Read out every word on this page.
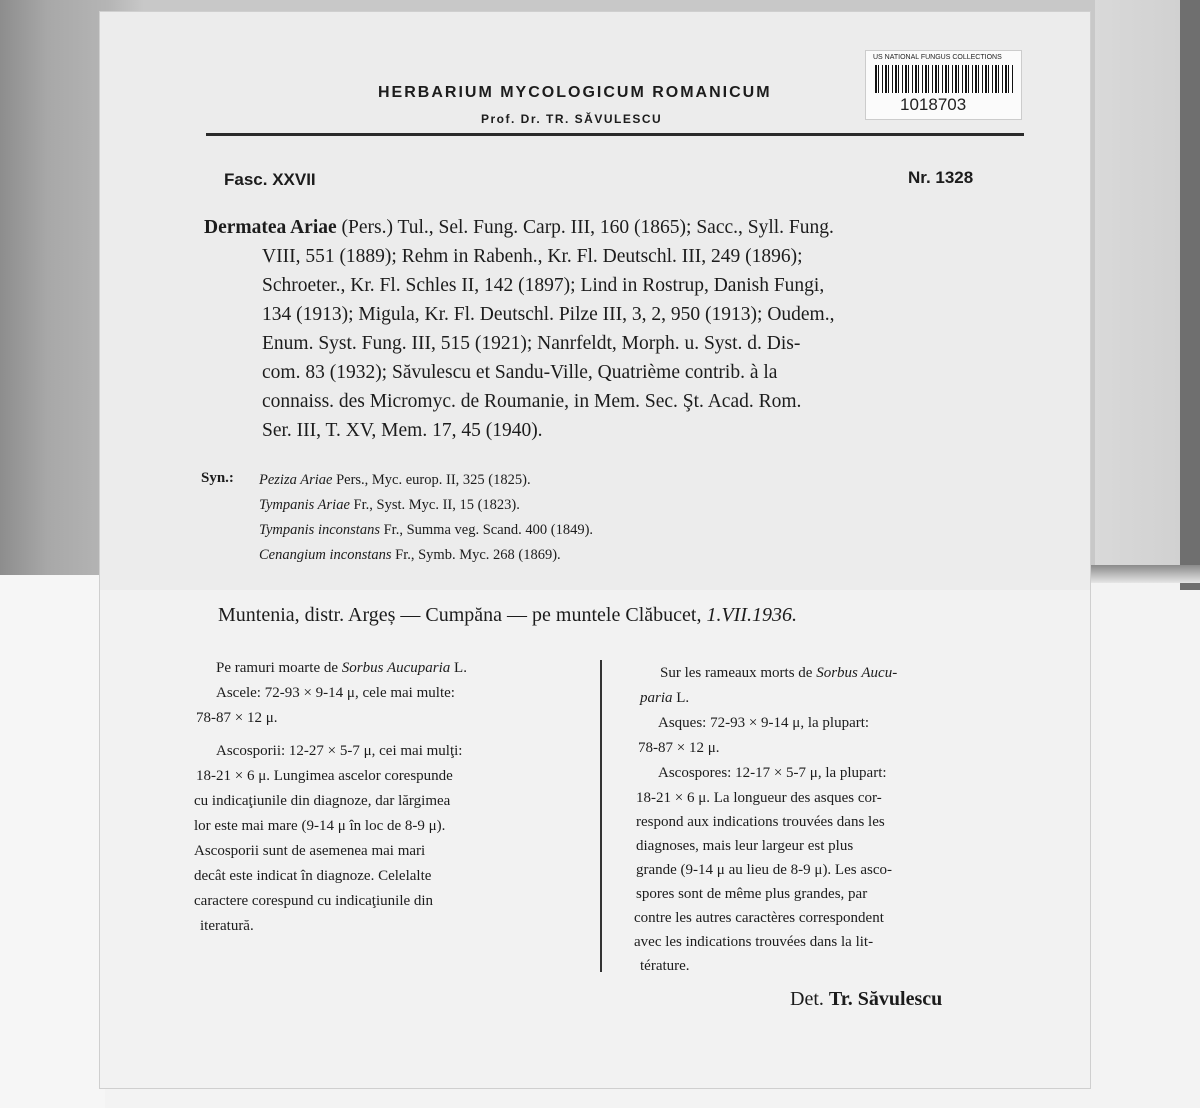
HERBARIUM MYCOLOGICUM ROMANICUM
Prof. Dr. TR. SĂVULESCU
US NATIONAL FUNGUS COLLECTIONS
1018703
Fasc. XXVII	Nr. 1328
Dermatea Ariae (Pers.) Tul., Sel. Fung. Carp. III, 160 (1865); Sacc., Syll. Fung.
VIII, 551 (1889); Rehm in Rabenh., Kr. Fl. Deutschl. III, 249 (1896);
Schroeter., Kr. Fl. Schles II, 142 (1897); Lind in Rostrup, Danish Fungi,
134 (1913); Migula, Kr. Fl. Deutschl. Pilze III, 3, 2, 950 (1913); Oudem.,
Enum. Syst. Fung. III, 515 (1921); Nanrfeldt, Morph. u. Syst. d. Dis-
com. 83 (1932); Săvulescu et Sandu-Ville, Quatrième contrib. à la
connaiss. des Micromyc. de Roumanie, in Mem. Sec. Şt. Acad. Rom.
Ser. III, T. XV, Mem. 17, 45 (1940).
Syn.: Peziza Ariae Pers., Myc. europ. II, 325 (1825).
Tympanis Ariae Fr., Syst. Myc. II, 15 (1823).
Tympanis inconstans Fr., Summa veg. Scand. 400 (1849).
Cenangium inconstans Fr., Symb. Myc. 268 (1869).
Muntenia, distr. Argeș — Cumpăna — pe muntele Clăbucet, 1.VII.1936.
Pe ramuri moarte de Sorbus Aucuparia L.
Ascele: 72-93 × 9-14 μ, cele mai multe:
78-87 × 12 μ.
Ascosporii: 12-27 × 5-7 μ, cei mai mulţi:
18-21 × 6 μ. Lungimea ascelor corespunde
cu indicaţiunile din diagnoze, dar lărgimea
lor este mai mare (9-14 μ în loc de 8-9 μ).
Ascosporii sunt de asemenea mai mari
decât este indicat în diagnoze. Celelalte
caractere corespund cu indicaţiunile din
iteratură.
Sur les rameaux morts de Sorbus Aucu-
paria L.
Asques: 72-93 × 9-14 μ, la plupart:
78-87 × 12 μ.
Ascospores: 12-17 × 5-7 μ, la plupart:
18-21 × 6 μ. La longueur des asques cor-
respond aux indications trouvées dans les
diagnoses, mais leur largeur est plus
grande (9-14 μ au lieu de 8-9 μ). Les asco-
spores sont de même plus grandes, par
contre les autres caractères correspondent
avec les indications trouvées dans la lit-
térature.
Det. Tr. Săvulescu
